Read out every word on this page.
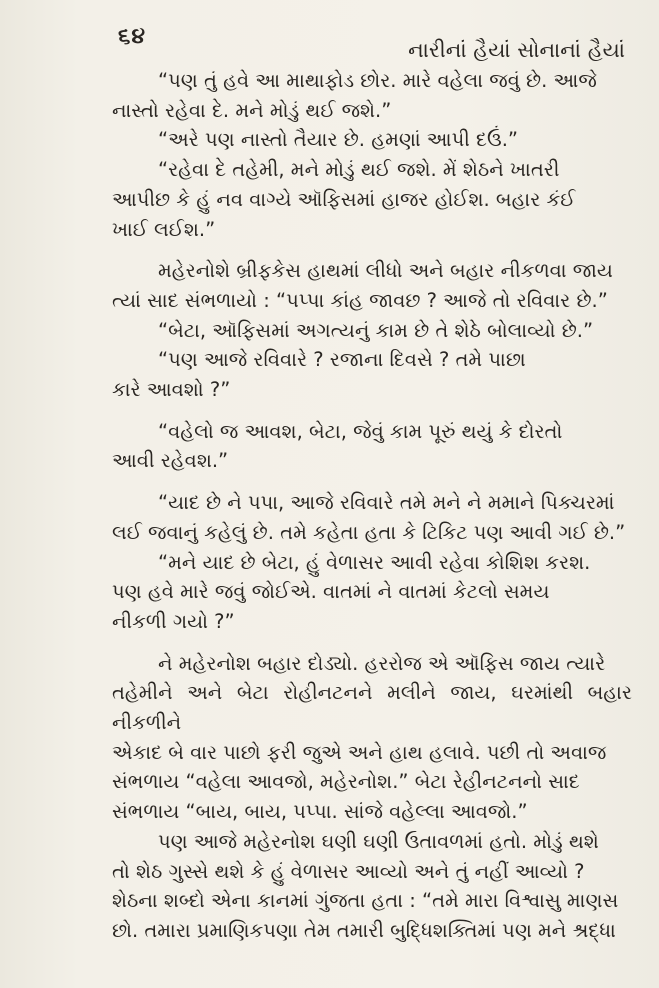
૬૪
નારીનાં હૈયાં સોનાનાં હૈયાં

“પણ તું હવે આ માથાફોડ છોર. મારે વહેલા જવું છે. આજે
નાસ્તો રહેવા દે. મને મોડું થઈ જશે.”

“અરે પણ નાસ્તો તૈયાર છે. હમણાં આપી દઉં.”

“રહેવા દે તહેમી, મને મોડું થઈ જશે. મેં શેઠને ખાતરી
આપીછ કે હું નવ વાગ્યે ઑફિસમાં હાજર હોઈશ. બહાર કંઈ
ખાઈ લઈશ.”

મહેરનોશે બ્રીફકેસ હાથમાં લીધો અને બહાર નીકળવા જાય
ત્યાં સાદ સંભળાયો : “પપ્પા કાંહ જાવછ ? આજે તો રવિવાર છે.”

“બેટા, ઑફિસમાં અગત્યનું કામ છે તે શેઠે બોલાવ્યો છે.”

“પણ આજે રવિવારે ? રજાના દિવસે ? તમે પાછા
કારે આવશો ?”

“વહેલો જ આવશ, બેટા, જેવું કામ પૂરું થયું કે દોરતો
આવી રહેવશ.”

“યાદ છે ને પપા, આજે રવિવારે તમે મને ને મમાને પિક્ચરમાં
લઈ જવાનું કહેલું છે. તમે કહેતા હતા કે ટિકિટ પણ આવી ગઈ છે.”

“મને યાદ છે બેટા, હું વેળાસર આવી રહેવા કોશિશ કરશ.
પણ હવે મારે જવું જોઈએ. વાતમાં ને વાતમાં કેટલો સમય
નીકળી ગયો ?”

ને મહેરનોશ બહાર દોડ્યો. હરરોજ એ ઑફિસ જાય ત્યારે
તહેમીને અને બેટા રોહીનટનને મલીને જાય, ઘરમાંથી બહાર નીકળીને
એકાદ બે વાર પાછો ફરી જુએ અને હાથ હલાવે. પછી તો અવાજ
સંભળાય “વહેલા આવજો, મહેરનોશ.” બેટા રેહીનટનનો સાદ
સંભળાય “બાય, બાય, પપ્પા. સાંજે વહેલ્લા આવજો.”

પણ આજે મહેરનોશ ઘણી ઘણી ઉતાવળમાં હતો. મોડું થશે
તો શેઠ ગુસ્સે થશે કે હું વેળાસર આવ્યો અને તું નહીં આવ્યો ?
શેઠના શબ્દો એના કાનમાં ગુંજતા હતા : “તમે મારા વિશ્વાસુ માણસ
છો. તમારા પ્રમાણિકપણા તેમ તમારી બુદ્ધિશક્તિમાં પણ મને શ્રદ્ધા
